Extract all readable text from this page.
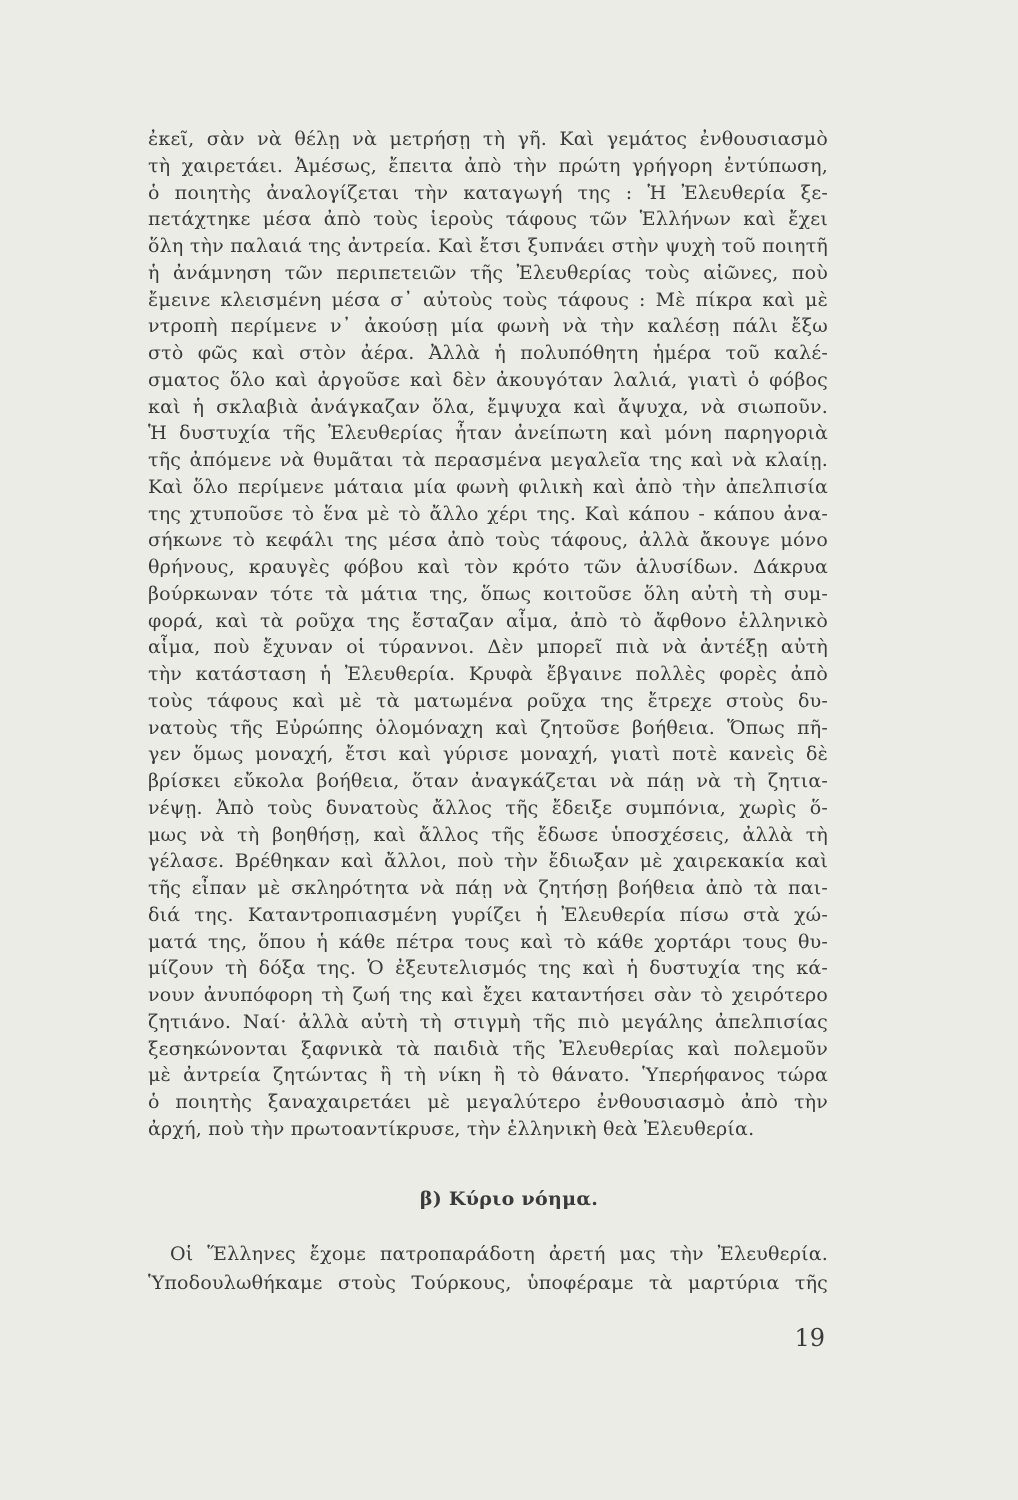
ἐκεῖ, σὰν νὰ θέλῃ νὰ μετρήσῃ τὴ γῆ. Καὶ γεμάτος ἐνθουσιασμὸ
τὴ χαιρετάει. Ἀμέσως, ἔπειτα ἀπὸ τὴν πρώτη γρήγορη ἐντύπωση,
ὁ ποιητὴς ἀναλογίζεται τὴν καταγωγή της : Ἡ Ἐλευθερία ξε-
πετάχτηκε μέσα ἀπὸ τοὺς ἱεροὺς τάφους τῶν Ἑλλήνων καὶ ἔχει
ὅλη τὴν παλαιά της ἀντρεία. Καὶ ἔτσι ξυπνάει στὴν ψυχὴ τοῦ ποιητῆ
ἡ ἀνάμνηση τῶν περιπετειῶν τῆς Ἐλευθερίας τοὺς αἰῶνες, ποὺ
ἔμεινε κλεισμένη μέσα σ᾿ αὐτοὺς τοὺς τάφους : Μὲ πίκρα καὶ μὲ
ντροπὴ περίμενε ν᾿ ἀκούσῃ μία φωνὴ νὰ τὴν καλέσῃ πάλι ἔξω
στὸ φῶς καὶ στὸν ἀέρα. Ἀλλὰ ἡ πολυπόθητη ἡμέρα τοῦ καλέ-
σματος ὅλο καὶ ἀργοῦσε καὶ δὲν ἀκουγόταν λαλιά, γιατὶ ὁ φόβος
καὶ ἡ σκλαβιὰ ἀνάγκαζαν ὅλα, ἔμψυχα καὶ ἄψυχα, νὰ σιωποῦν.
Ἡ δυστυχία τῆς Ἐλευθερίας ἦταν ἀνείπωτη καὶ μόνη παρηγοριὰ
τῆς ἀπόμενε νὰ θυμᾶται τὰ περασμένα μεγαλεῖα της καὶ νὰ κλαίῃ.
Καὶ ὅλο περίμενε μάταια μία φωνὴ φιλικὴ καὶ ἀπὸ τὴν ἀπελπισία
της χτυποῦσε τὸ ἕνα μὲ τὸ ἄλλο χέρι της. Καὶ κάπου - κάπου ἀνα-
σήκωνε τὸ κεφάλι της μέσα ἀπὸ τοὺς τάφους, ἀλλὰ ἄκουγε μόνο
θρήνους, κραυγὲς φόβου καὶ τὸν κρότο τῶν ἁλυσίδων. Δάκρυα
βούρκωναν τότε τὰ μάτια της, ὅπως κοιτοῦσε ὅλη αὐτὴ τὴ συμ-
φορά, καὶ τὰ ροῦχα της ἔσταζαν αἷμα, ἀπὸ τὸ ἄφθονο ἑλληνικὸ
αἷμα, ποὺ ἔχυναν οἱ τύραννοι. Δὲν μπορεῖ πιὰ νὰ ἀντέξῃ αὐτὴ
τὴν κατάσταση ἡ Ἐλευθερία. Κρυφὰ ἔβγαινε πολλὲς φορὲς ἀπὸ
τοὺς τάφους καὶ μὲ τὰ ματωμένα ροῦχα της ἔτρεχε στοὺς δυ-
νατοὺς τῆς Εὐρώπης ὁλομόναχη καὶ ζητοῦσε βοήθεια. Ὅπως πῆ-
γεν ὅμως μοναχή, ἔτσι καὶ γύρισε μοναχή, γιατὶ ποτὲ κανεὶς δὲ
βρίσκει εὔκολα βοήθεια, ὅταν ἀναγκάζεται νὰ πάῃ νὰ τὴ ζητια-
νέψῃ. Ἀπὸ τοὺς δυνατοὺς ἄλλος τῆς ἔδειξε συμπόνια, χωρὶς ὅ-
μως νὰ τὴ βοηθήσῃ, καὶ ἄλλος τῆς ἔδωσε ὑποσχέσεις, ἀλλὰ τὴ
γέλασε. Βρέθηκαν καὶ ἄλλοι, ποὺ τὴν ἔδιωξαν μὲ χαιρεκακία καὶ
τῆς εἶπαν μὲ σκληρότητα νὰ πάῃ νὰ ζητήσῃ βοήθεια ἀπὸ τὰ παι-
διά της. Καταντροπιασμένη γυρίζει ἡ Ἐλευθερία πίσω στὰ χώ-
ματά της, ὅπου ἡ κάθε πέτρα τους καὶ τὸ κάθε χορτάρι τους θυ-
μίζουν τὴ δόξα της. Ὁ ἐξευτελισμός της καὶ ἡ δυστυχία της κά-
νουν ἀνυπόφορη τὴ ζωή της καὶ ἔχει καταντήσει σὰν τὸ χειρότερο
ζητιάνο. Ναί· ἀλλὰ αὐτὴ τὴ στιγμὴ τῆς πιὸ μεγάλης ἀπελπισίας
ξεσηκώνονται ξαφνικὰ τὰ παιδιὰ τῆς Ἐλευθερίας καὶ πολεμοῦν
μὲ ἀντρεία ζητώντας ἢ τὴ νίκη ἢ τὸ θάνατο. Ὑπερήφανος τώρα
ὁ ποιητὴς ξαναχαιρετάει μὲ μεγαλύτερο ἐνθουσιασμὸ ἀπὸ τὴν
ἀρχή, ποὺ τὴν πρωτοαντίκρυσε, τὴν ἑλληνικὴ θεὰ Ἐλευθερία.
β) Κύριο νόημα.
Οἱ Ἕλληνες ἔχομε πατροπαράδοτη ἀρετή μας τὴν Ἐλευθερία.
Ὑποδουλωθήκαμε στοὺς Τούρκους, ὑποφέραμε τὰ μαρτύρια τῆς
19
